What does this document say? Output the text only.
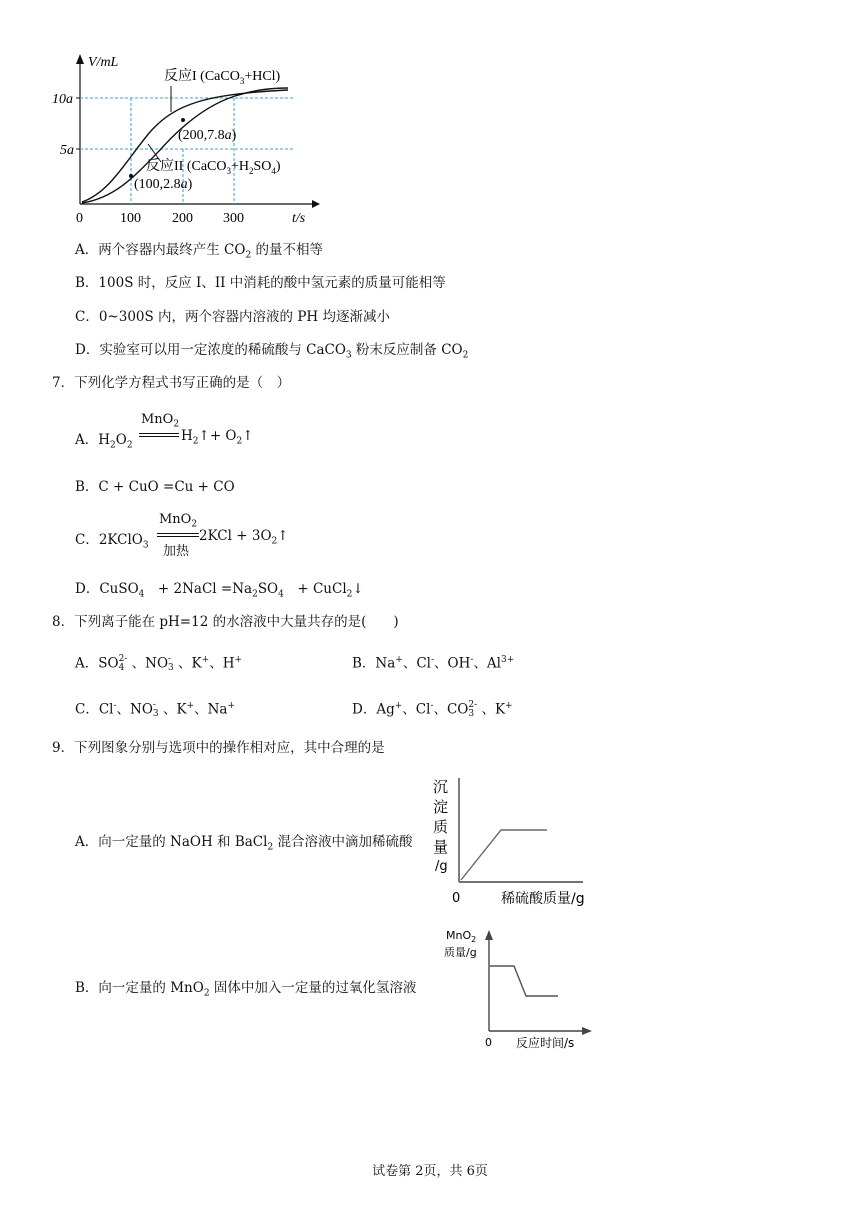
V/mL
10a
5a
0	100 200 300	t/s
反应I (CaCO$_3$+HCl)
反应II $(CaCO_3+H_2SO_4)$
(200,7.8a)
(100,2.8a)
A．两个容器内最终产生 $CO_2$ 的量不相等
B．100S 时，反应 I、II 中消耗的酸中氢元素的质量可能相等
C．0~300S 内，两个容器内溶液的 PH 均逐渐减小
D．实验室可以用一定浓度的稀硫酸与 CaCO$_3$ 粉末反应制备 $CO_2$
7．下列化学方程式书写正确的是（　）
A．$H_2O_2$
MnO$_2$
$H_2↑+$ $O_2↑$
B．C + CuO =Cu + CO
C．2KClO$_3$
MnO$_2$
加热
$2KCl + 3O_2↑$
D．CuSO$_4$　+ 2NaCl $=Na_2SO_4$　+ CuCl$_2$↓
8．下列离子能在 pH=12 的水溶液中大量共存的是(　　)
A．SO 2-
4 、NO -
3 、K+、H+	B．Na+、Cl-、OH-、$Al^{3+}$
C．Cl-、NO -
3 、K+、Na+	D．Ag+、Cl-、CO 2-
3 、K+
9．下列图象分别与选项中的操作相对应，其中合理的是
A．向一定量的 NaOH 和 BaCl$_2$ 混合溶液中滴加稀硫酸
B．向一定量的 MnO$_2$ 固体中加入一定量的过氧化氢溶液
沉
淀
质
量
/g
0	稀硫酸质量/g
MnO$_2$
质量/g
0 反应时间/s
试卷第 2页，共 6页
